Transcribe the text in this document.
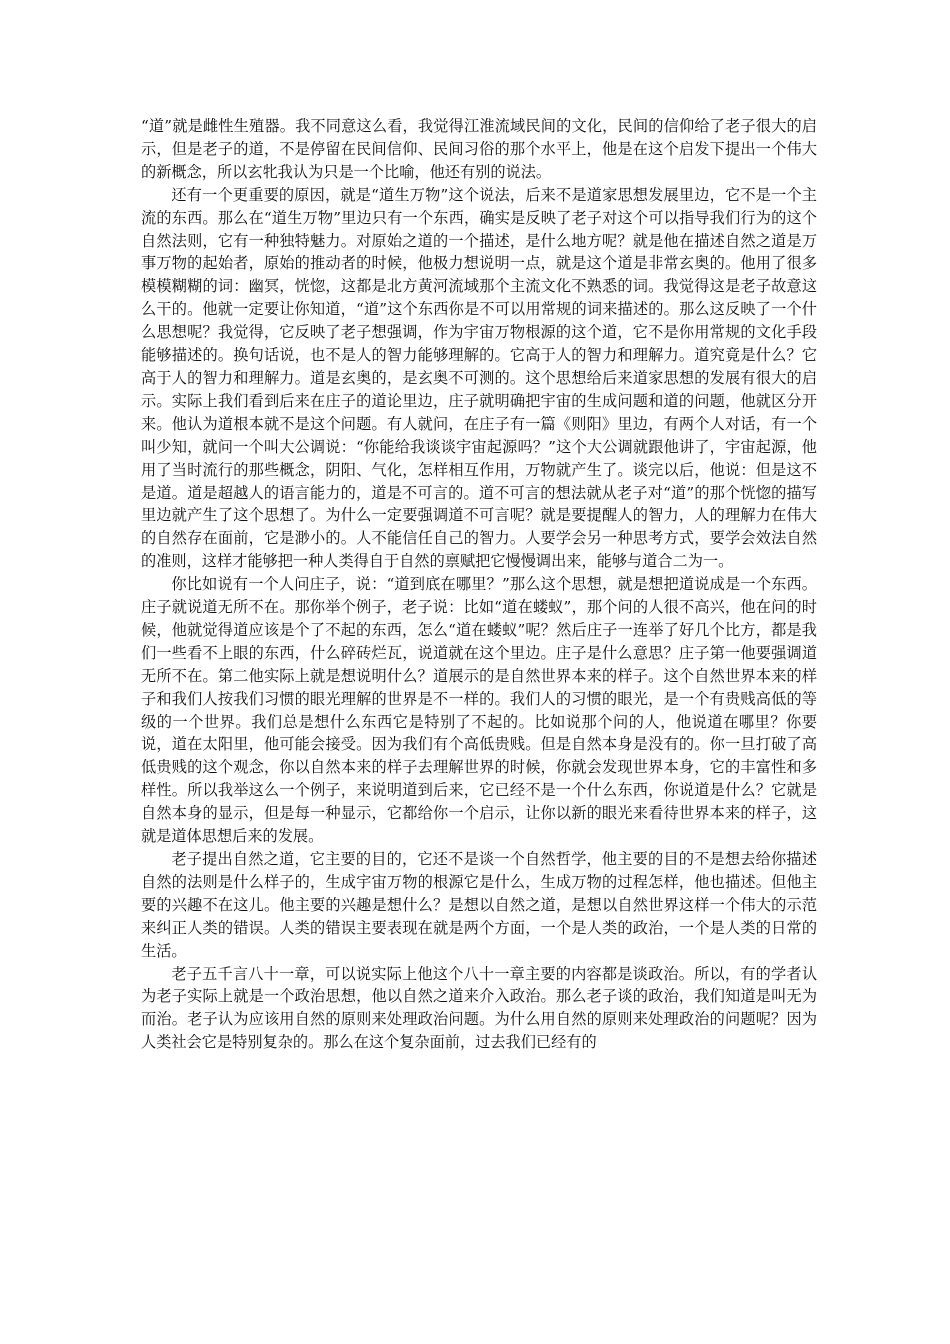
“道”就是雌性生殖器。我不同意这么看，我觉得江淮流域民间的文化，民间的信仰给了老子很大的启示，但是老子的道，不是停留在民间信仰、民间习俗的那个水平上，他是在这个启发下提出一个伟大的新概念，所以玄牝我认为只是一个比喻，他还有别的说法。

还有一个更重要的原因，就是“道生万物”这个说法，后来不是道家思想发展里边，它不是一个主流的东西。那么在“道生万物”里边只有一个东西，确实是反映了老子对这个可以指导我们行为的这个自然法则，它有一种独特魅力。对原始之道的一个描述，是什么地方呢？就是他在描述自然之道是万事万物的起始者，原始的推动者的时候，他极力想说明一点，就是这个道是非常玄奥的。他用了很多模模糊糊的词：幽冥，恍惚，这都是北方黄河流域那个主流文化不熟悉的词。我觉得这是老子故意这么干的。他就一定要让你知道，“道”这个东西你是不可以用常规的词来描述的。那么这反映了一个什么思想呢？我觉得，它反映了老子想强调，作为宇宙万物根源的这个道，它不是你用常规的文化手段能够描述的。换句话说，也不是人的智力能够理解的。它高于人的智力和理解力。道究竟是什么？它高于人的智力和理解力。道是玄奥的，是玄奥不可测的。这个思想给后来道家思想的发展有很大的启示。实际上我们看到后来在庄子的道论里边，庄子就明确把宇宙的生成问题和道的问题，他就区分开来。他认为道根本就不是这个问题。有人就问，在庄子有一篇《则阳》里边，有两个人对话，有一个叫少知，就问一个叫大公调说：“你能给我谈谈宇宙起源吗？”这个大公调就跟他讲了，宇宙起源，他用了当时流行的那些概念，阴阳、气化，怎样相互作用，万物就产生了。谈完以后，他说：但是这不是道。道是超越人的语言能力的，道是不可言的。道不可言的想法就从老子对“道”的那个恍惚的描写里边就产生了这个思想了。为什么一定要强调道不可言呢？就是要提醒人的智力，人的理解力在伟大的自然存在面前，它是渺小的。人不能信任自己的智力。人要学会另一种思考方式，要学会效法自然的准则，这样才能够把一种人类得自于自然的禀赋把它慢慢调出来，能够与道合二为一。

你比如说有一个人问庄子，说：“道到底在哪里？”那么这个思想，就是想把道说成是一个东西。庄子就说道无所不在。那你举个例子，老子说：比如“道在蝼蚁”，那个问的人很不高兴，他在问的时候，他就觉得道应该是个了不起的东西，怎么“道在蝼蚁”呢？然后庄子一连举了好几个比方，都是我们一些看不上眼的东西，什么碎砖烂瓦，说道就在这个里边。庄子是什么意思？庄子第一他要强调道无所不在。第二他实际上就是想说明什么？道展示的是自然世界本来的样子。这个自然世界本来的样子和我们人按我们习惯的眼光理解的世界是不一样的。我们人的习惯的眼光，是一个有贵贱高低的等级的一个世界。我们总是想什么东西它是特别了不起的。比如说那个问的人，他说道在哪里？你要说，道在太阳里，他可能会接受。因为我们有个高低贵贱。但是自然本身是没有的。你一旦打破了高低贵贱的这个观念，你以自然本来的样子去理解世界的时候，你就会发现世界本身，它的丰富性和多样性。所以我举这么一个例子，来说明道到后来，它已经不是一个什么东西，你说道是什么？它就是自然本身的显示，但是每一种显示，它都给你一个启示，让你以新的眼光来看待世界本来的样子，这就是道体思想后来的发展。

老子提出自然之道，它主要的目的，它还不是谈一个自然哲学，他主要的目的不是想去给你描述自然的法则是什么样子的，生成宇宙万物的根源它是什么，生成万物的过程怎样，他也描述。但他主要的兴趣不在这儿。他主要的兴趣是想什么？是想以自然之道，是想以自然世界这样一个伟大的示范来纠正人类的错误。人类的错误主要表现在就是两个方面，一个是人类的政治，一个是人类的日常的生活。

老子五千言八十一章，可以说实际上他这个八十一章主要的内容都是谈政治。所以，有的学者认为老子实际上就是一个政治思想，他以自然之道来介入政治。那么老子谈的政治，我们知道是叫无为而治。老子认为应该用自然的原则来处理政治问题。为什么用自然的原则来处理政治的问题呢？因为人类社会它是特别复杂的。那么在这个复杂面前，过去我们已经有的
